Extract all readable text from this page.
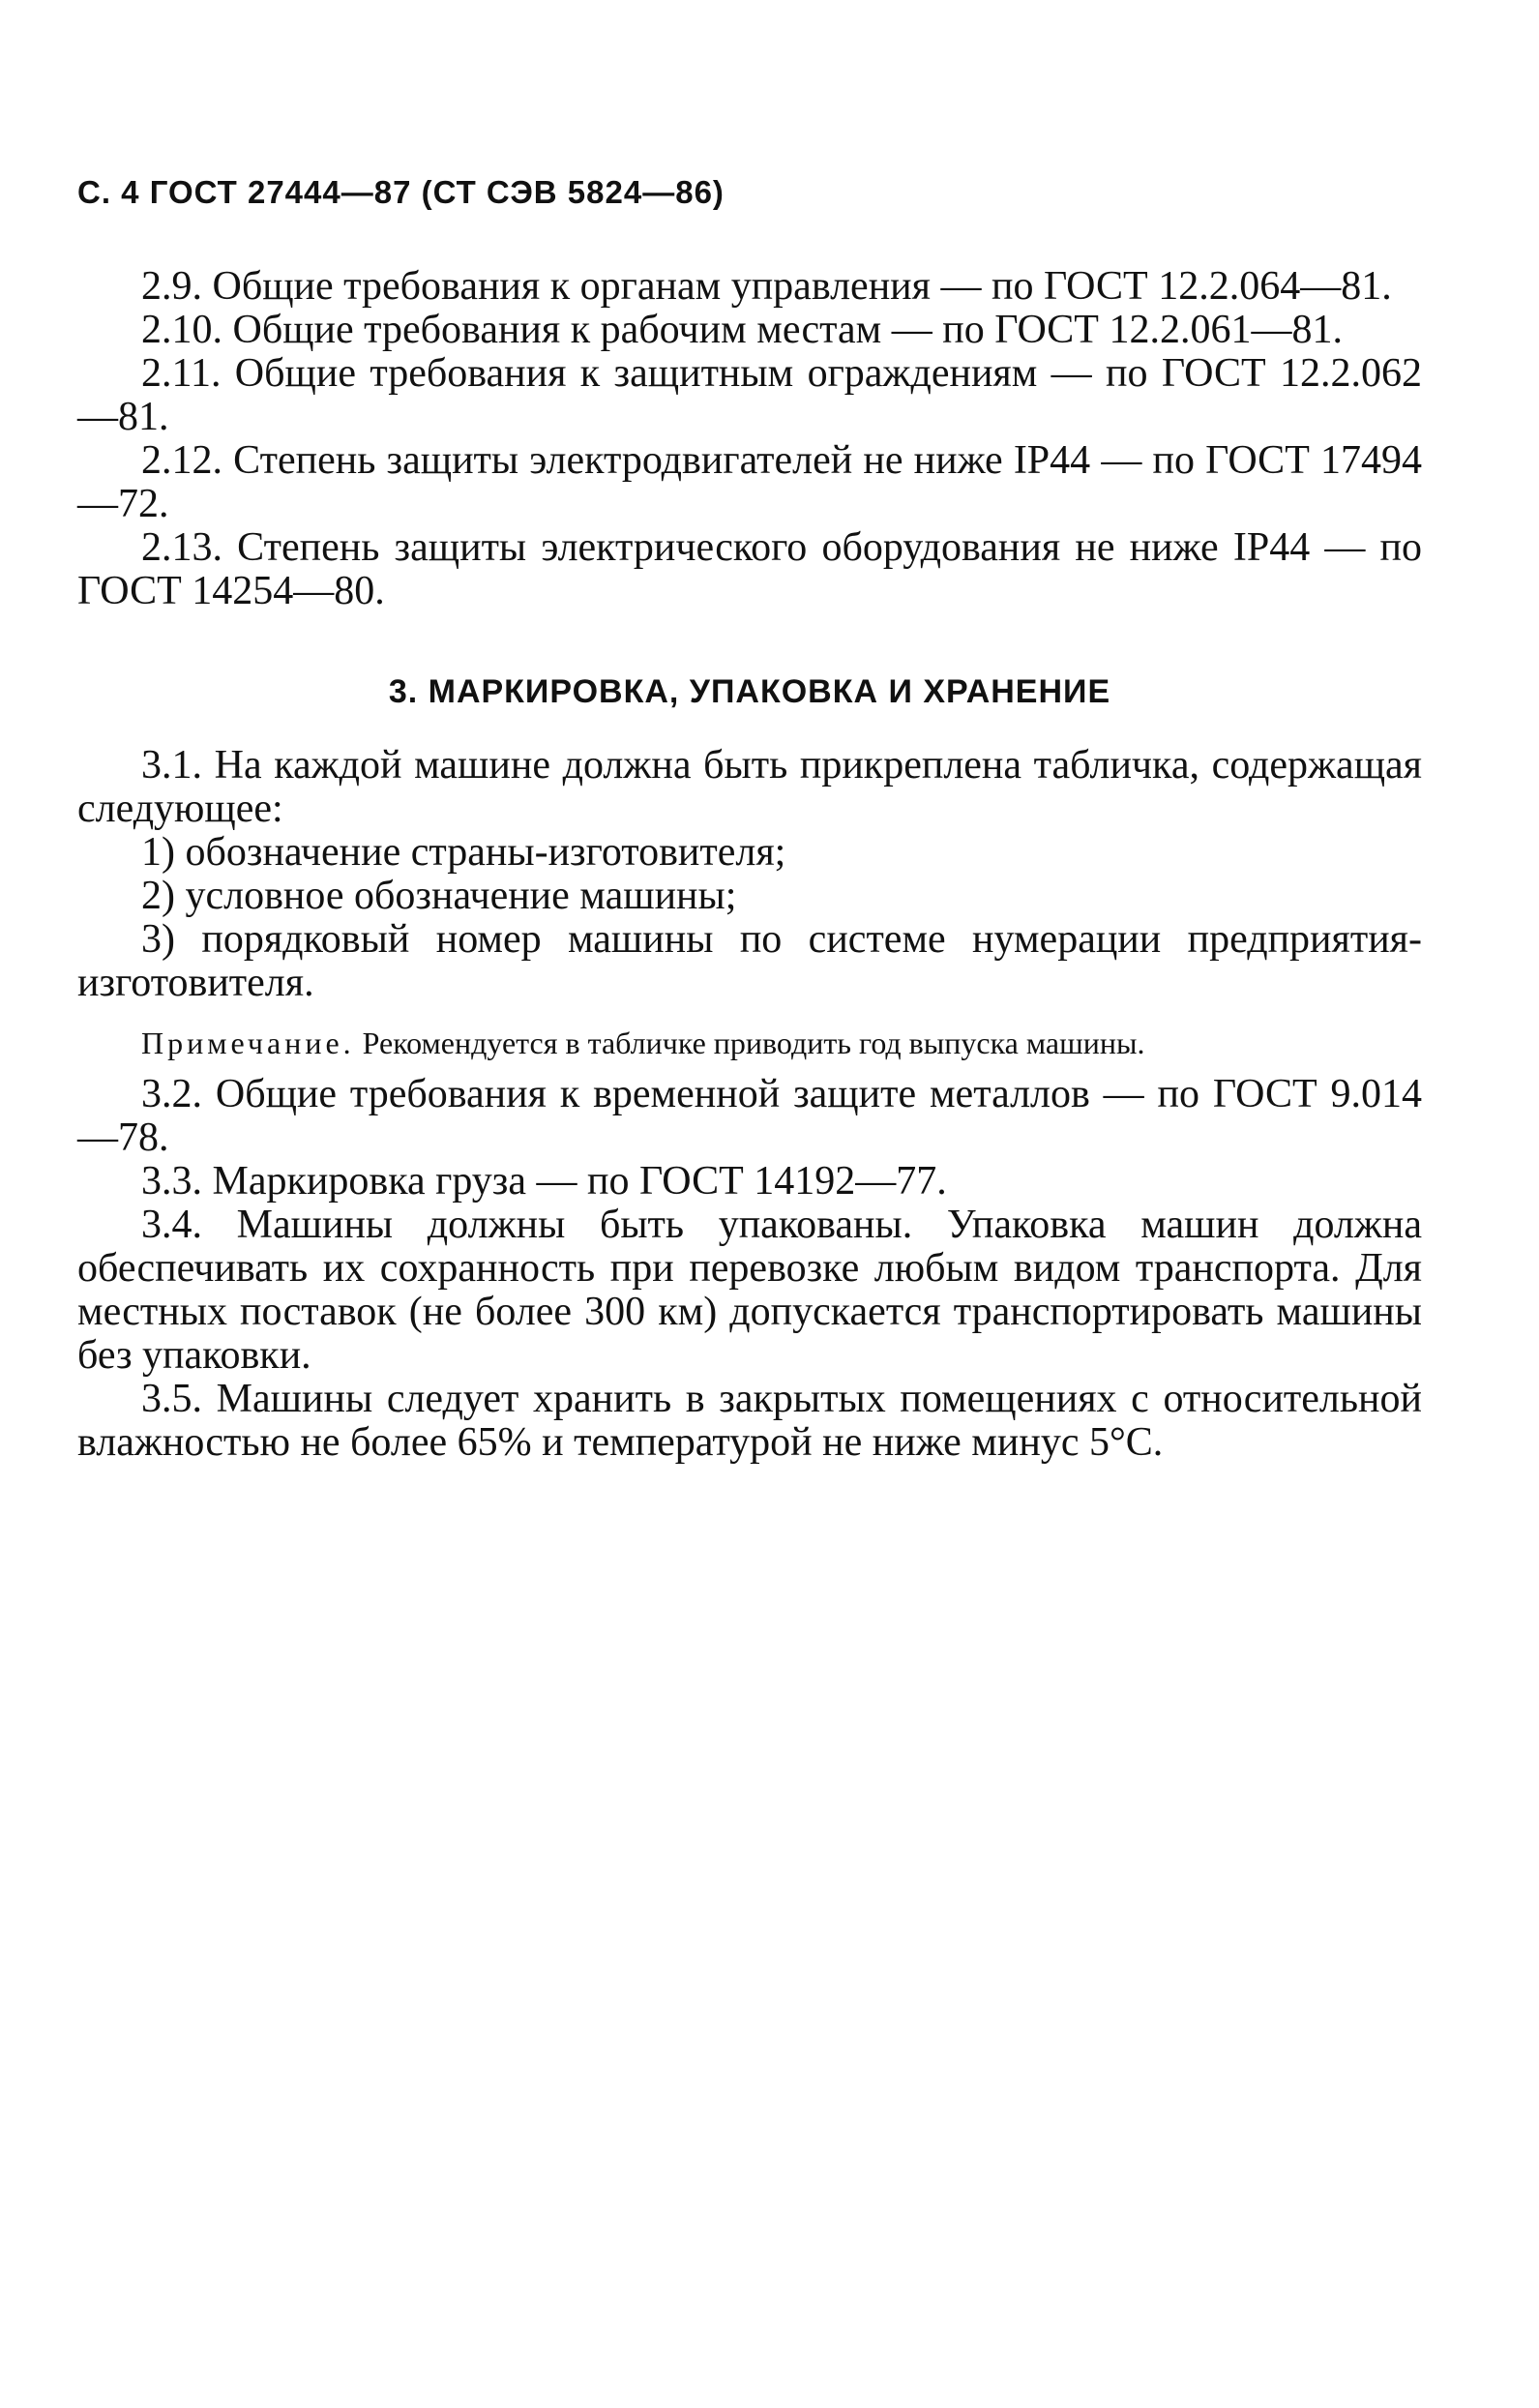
С. 4 ГОСТ 27444—87 (СТ СЭВ 5824—86)

2.9. Общие требования к органам управления — по ГОСТ 12.2.064—81.

2.10. Общие требования к рабочим местам — по ГОСТ 12.2.061—81.

2.11. Общие требования к защитным ограждениям — по ГОСТ 12.2.062—81.

2.12. Степень защиты электродвигателей не ниже IP44 — по ГОСТ 17494—72.

2.13. Степень защиты электрического оборудования не ниже IP44 — по ГОСТ 14254—80.

3. МАРКИРОВКА, УПАКОВКА И ХРАНЕНИЕ

3.1. На каждой машине должна быть прикреплена табличка, содержащая следующее:

1) обозначение страны-изготовителя;

2) условное обозначение машины;

3) порядковый номер машины по системе нумерации предприятия-изготовителя.

Примечание. Рекомендуется в табличке приводить год выпуска машины.

3.2. Общие требования к временной защите металлов — по ГОСТ 9.014—78.

3.3. Маркировка груза — по ГОСТ 14192—77.

3.4. Машины должны быть упакованы. Упаковка машин должна обеспечивать их сохранность при перевозке любым видом транспорта. Для местных поставок (не более 300 км) допускается транспортировать машины без упаковки.

3.5. Машины следует хранить в закрытых помещениях с относительной влажностью не более 65% и температурой не ниже минус 5°С.
